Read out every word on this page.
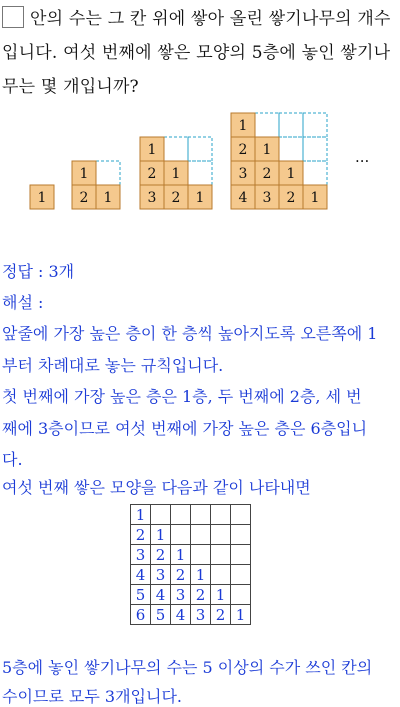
안의 수는 그 칸 위에 쌓아 올린 쌓기나무의 개수
입니다. 여섯 번째에 쌓은 모양의 5층에 놓인 쌓기나
무는 몇 개입니까?
1 2 1
1
3 2 1
2 1
1
4 3 2 1
3 2 1
2 1
1
...
정답 : 3개
해설 :
앞줄에 가장 높은 층이 한 층씩 높아지도록 오른쪽에 1
부터 차례대로 놓는 규칙입니다.
첫 번째에 가장 높은 층은 1층, 두 번째에 2층, 세 번
째에 3층이므로 여섯 번째에 가장 높은 층은 6층입니
다.
여섯 번째 쌓은 모양을 다음과 같이 나타내면
1					
2	1				
3	2	1			
4	3	2	1		
5	4	3	2	1	
6	5	4	3	2	1
5층에 놓인 쌓기나무의 수는 5 이상의 수가 쓰인 칸의
수이므로 모두 3개입니다.
